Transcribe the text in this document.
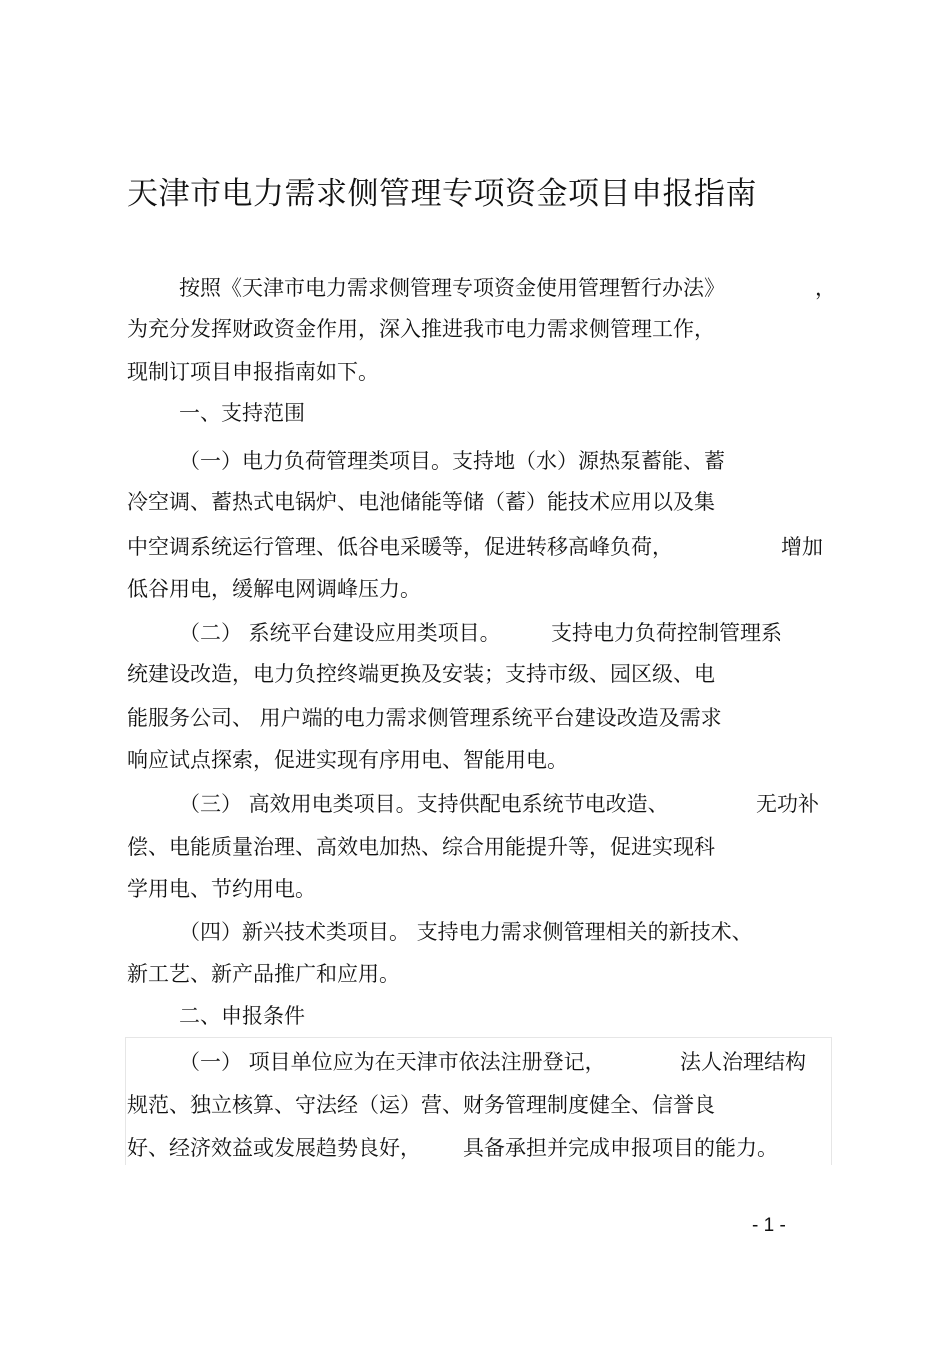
天津市电力需求侧管理专项资金项目申报指南
按照《天津市电力需求侧管理专项资金使用管理暂行办法》	，
为充分发挥财政资金作用，深入推进我市电力需求侧管理工作，
现制订项目申报指南如下。
一、支持范围
（一）电力负荷管理类项目。支持地（水）源热泵蓄能、蓄
冷空调、蓄热式电锅炉、电池储能等储（蓄）能技术应用以及集
中空调系统运行管理、低谷电采暖等，促进转移高峰负荷，	增加
低谷用电，缓解电网调峰压力。
（二） 系统平台建设应用类项目。 支持电力负荷控制管理系
统建设改造，电力负控终端更换及安装；支持市级、园区级、电
能服务公司、 用户端的电力需求侧管理系统平台建设改造及需求
响应试点探索，促进实现有序用电、智能用电。
（三） 高效用电类项目。支持供配电系统节电改造、	无功补
偿、电能质量治理、高效电加热、综合用能提升等，促进实现科
学用电、节约用电。
（四）新兴技术类项目。 支持电力需求侧管理相关的新技术、
新工艺、新产品推广和应用。
二、申报条件
（一） 项目单位应为在天津市依法注册登记，	法人治理结构
规范、独立核算、守法经（运）营、财务管理制度健全、信誉良
好、经济效益或发展趋势良好， 具备承担并完成申报项目的能力。
- 1 -
